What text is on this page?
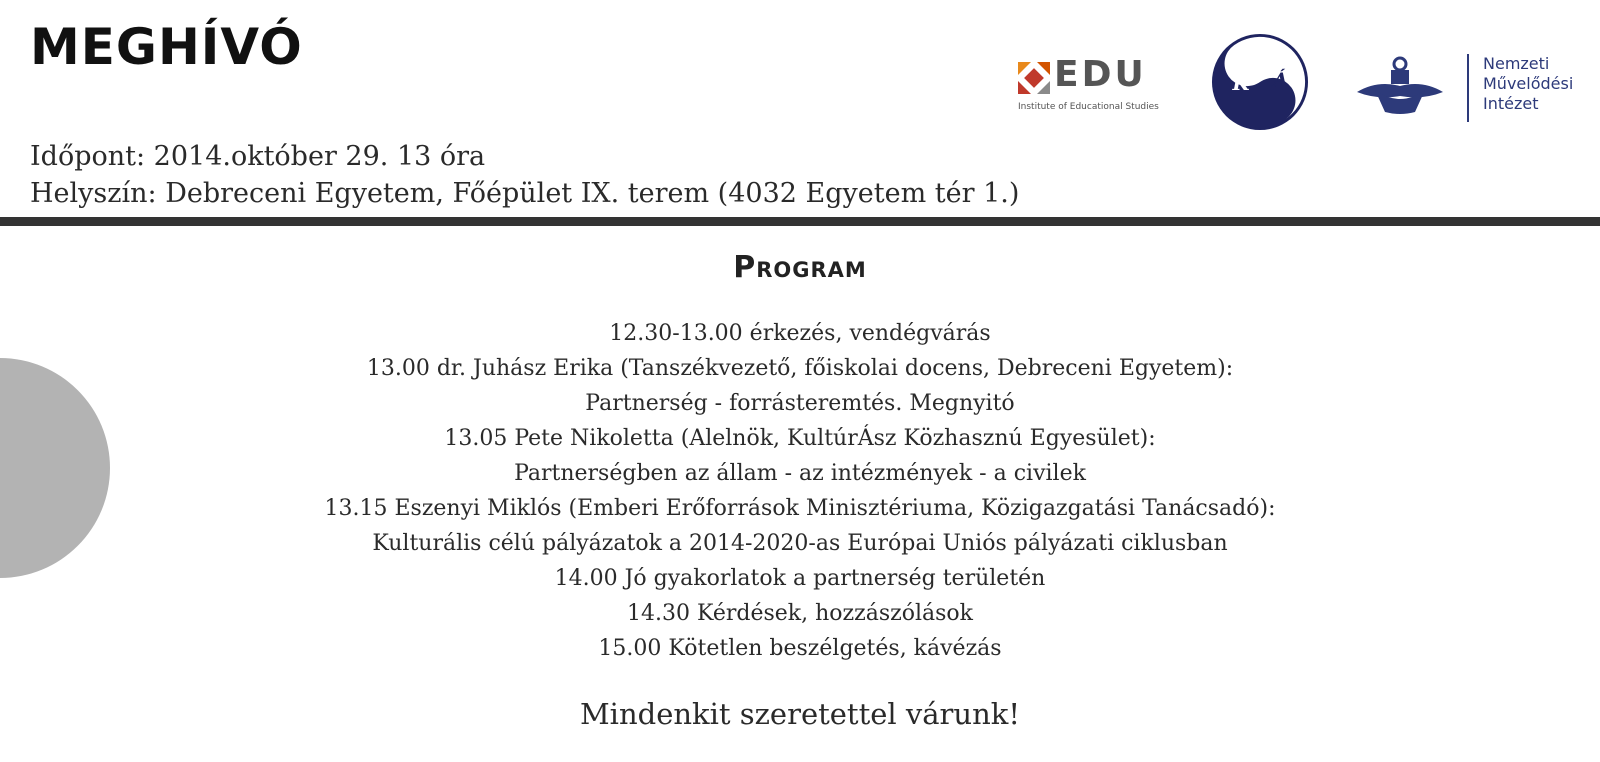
MEGHÍVÓ	EDU
Institute of Educational Studies
K Á
Nemzeti
Művelődési
Intézet
Időpont: 2014.október 29. 13 óra
Helyszín: Debreceni Egyetem, Főépület IX. terem (4032 Egyetem tér 1.)
Program
12.30-13.00 érkezés, vendégvárás
13.00 dr. Juhász Erika (Tanszékvezető, főiskolai docens, Debreceni Egyetem):
Partnerség - forrásteremtés. Megnyitó
13.05 Pete Nikoletta (Alelnök, KultúrÁsz Közhasznú Egyesület):
Partnerségben az állam - az intézmények - a civilek
13.15 Eszenyi Miklós (Emberi Erőforrások Minisztériuma, Közigazgatási Tanácsadó):
Kulturális célú pályázatok a 2014-2020-as Európai Uniós pályázati ciklusban
14.00 Jó gyakorlatok a partnerség területén
14.30 Kérdések, hozzászólások
15.00 Kötetlen beszélgetés, kávézás
Mindenkit szeretettel várunk!
